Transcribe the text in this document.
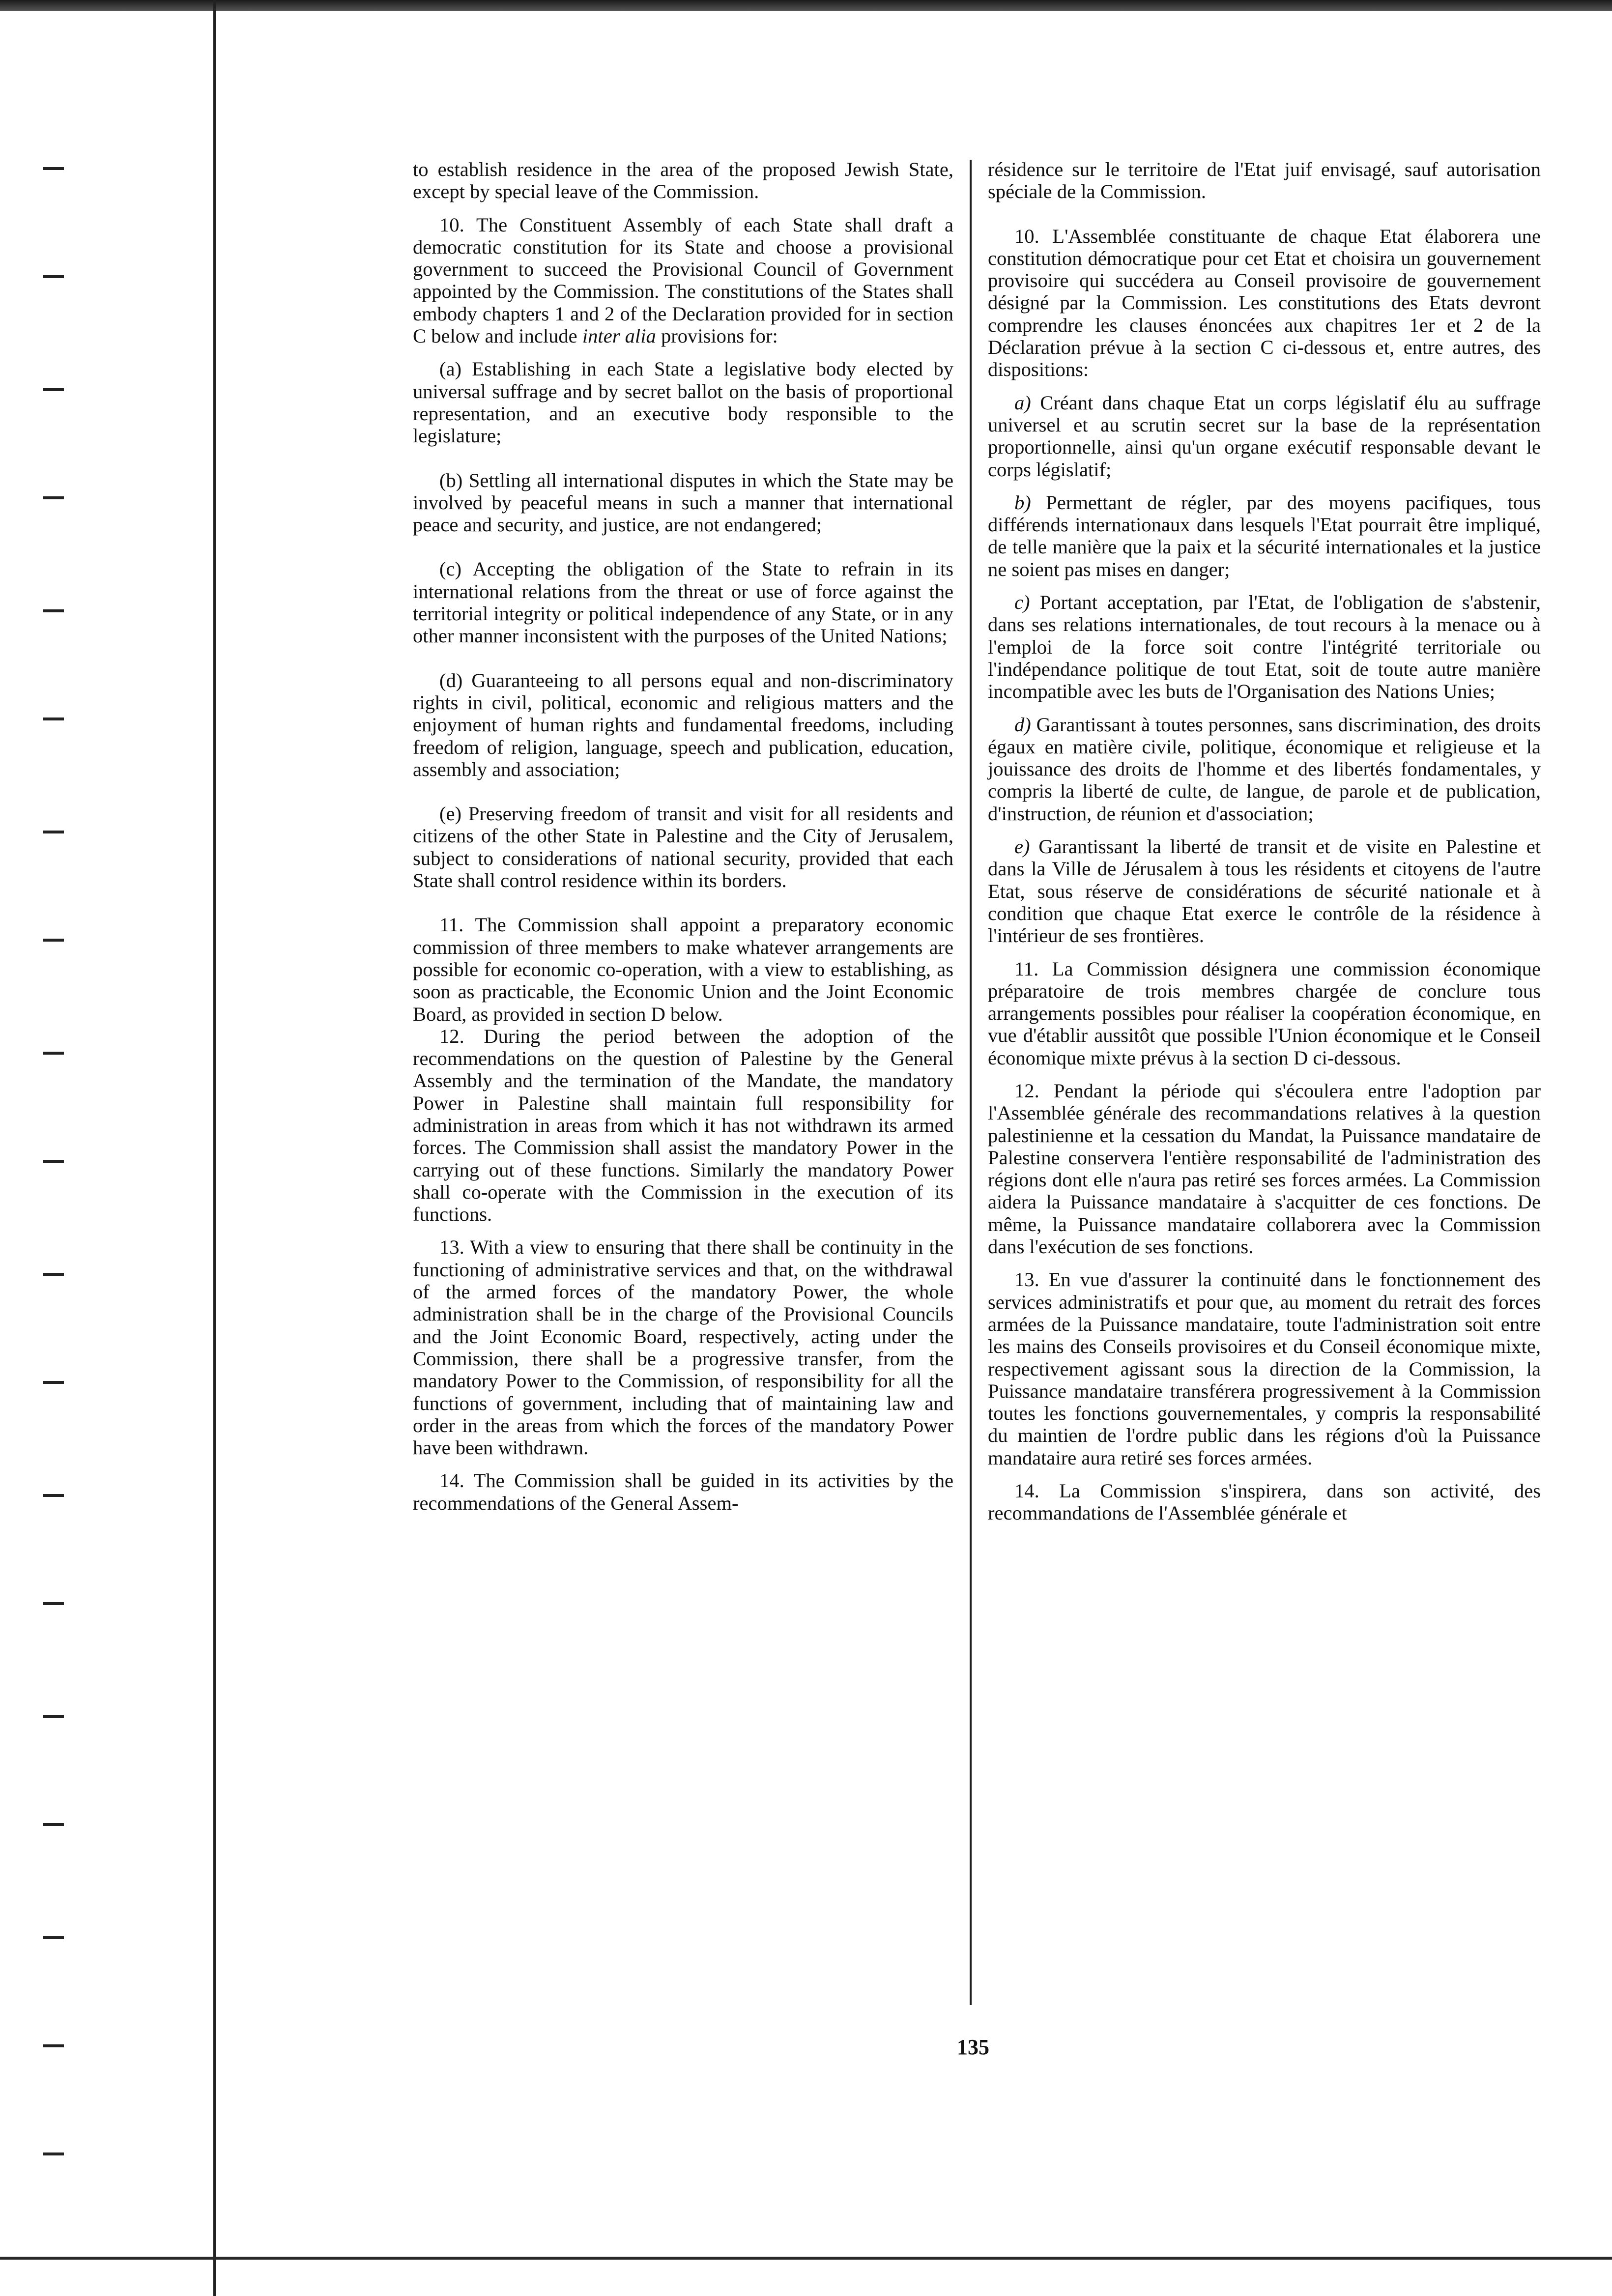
to establish residence in the area of the proposed Jewish State, except by special leave of the Commission.

10. The Constituent Assembly of each State shall draft a democratic constitution for its State and choose a provisional government to succeed the Provisional Council of Government appointed by the Commission. The constitutions of the States shall embody chapters 1 and 2 of the Declaration provided for in section C below and include inter alia provisions for:

(a) Establishing in each State a legislative body elected by universal suffrage and by secret ballot on the basis of proportional representation, and an executive body responsible to the legislature;

(b) Settling all international disputes in which the State may be involved by peaceful means in such a manner that international peace and security, and justice, are not endangered;

(c) Accepting the obligation of the State to refrain in its international relations from the threat or use of force against the territorial integrity or political independence of any State, or in any other manner inconsistent with the purposes of the United Nations;

(d) Guaranteeing to all persons equal and non-discriminatory rights in civil, political, economic and religious matters and the enjoyment of human rights and fundamental freedoms, including freedom of religion, language, speech and publication, education, assembly and association;

(e) Preserving freedom of transit and visit for all residents and citizens of the other State in Palestine and the City of Jerusalem, subject to considerations of national security, provided that each State shall control residence within its borders.

11. The Commission shall appoint a preparatory economic commission of three members to make whatever arrangements are possible for economic co-operation, with a view to establishing, as soon as practicable, the Economic Union and the Joint Economic Board, as provided in section D below.

12. During the period between the adoption of the recommendations on the question of Palestine by the General Assembly and the termination of the Mandate, the mandatory Power in Palestine shall maintain full responsibility for administration in areas from which it has not withdrawn its armed forces. The Commission shall assist the mandatory Power in the carrying out of these functions. Similarly the mandatory Power shall co-operate with the Commission in the execution of its functions.

13. With a view to ensuring that there shall be continuity in the functioning of administrative services and that, on the withdrawal of the armed forces of the mandatory Power, the whole administration shall be in the charge of the Provisional Councils and the Joint Economic Board, respectively, acting under the Commission, there shall be a progressive transfer, from the mandatory Power to the Commission, of responsibility for all the functions of government, including that of maintaining law and order in the areas from which the forces of the mandatory Power have been withdrawn.

14. The Commission shall be guided in its activities by the recommendations of the General Assem-

résidence sur le territoire de l'Etat juif envisagé, sauf autorisation spéciale de la Commission.

10. L'Assemblée constituante de chaque Etat élaborera une constitution démocratique pour cet Etat et choisira un gouvernement provisoire qui succédera au Conseil provisoire de gouvernement désigné par la Commission. Les constitutions des Etats devront comprendre les clauses énoncées aux chapitres 1er et 2 de la Déclaration prévue à la section C ci-dessous et, entre autres, des dispositions:

a) Créant dans chaque Etat un corps législatif élu au suffrage universel et au scrutin secret sur la base de la représentation proportionnelle, ainsi qu'un organe exécutif responsable devant le corps législatif;

b) Permettant de régler, par des moyens pacifiques, tous différends internationaux dans lesquels l'Etat pourrait être impliqué, de telle manière que la paix et la sécurité internationales et la justice ne soient pas mises en danger;

c) Portant acceptation, par l'Etat, de l'obligation de s'abstenir, dans ses relations internationales, de tout recours à la menace ou à l'emploi de la force soit contre l'intégrité territoriale ou l'indépendance politique de tout Etat, soit de toute autre manière incompatible avec les buts de l'Organisation des Nations Unies;

d) Garantissant à toutes personnes, sans discrimination, des droits égaux en matière civile, politique, économique et religieuse et la jouissance des droits de l'homme et des libertés fondamentales, y compris la liberté de culte, de langue, de parole et de publication, d'instruction, de réunion et d'association;

e) Garantissant la liberté de transit et de visite en Palestine et dans la Ville de Jérusalem à tous les résidents et citoyens de l'autre Etat, sous réserve de considérations de sécurité nationale et à condition que chaque Etat exerce le contrôle de la résidence à l'intérieur de ses frontières.

11. La Commission désignera une commission économique préparatoire de trois membres chargée de conclure tous arrangements possibles pour réaliser la coopération économique, en vue d'établir aussitôt que possible l'Union économique et le Conseil économique mixte prévus à la section D ci-dessous.

12. Pendant la période qui s'écoulera entre l'adoption par l'Assemblée générale des recommandations relatives à la question palestinienne et la cessation du Mandat, la Puissance mandataire de Palestine conservera l'entière responsabilité de l'administration des régions dont elle n'aura pas retiré ses forces armées. La Commission aidera la Puissance mandataire à s'acquitter de ces fonctions. De même, la Puissance mandataire collaborera avec la Commission dans l'exécution de ses fonctions.

13. En vue d'assurer la continuité dans le fonctionnement des services administratifs et pour que, au moment du retrait des forces armées de la Puissance mandataire, toute l'administration soit entre les mains des Conseils provisoires et du Conseil économique mixte, respectivement agissant sous la direction de la Commission, la Puissance mandataire transférera progressivement à la Commission toutes les fonctions gouvernementales, y compris la responsabilité du maintien de l'ordre public dans les régions d'où la Puissance mandataire aura retiré ses forces armées.

14. La Commission s'inspirera, dans son activité, des recommandations de l'Assemblée générale et

135
